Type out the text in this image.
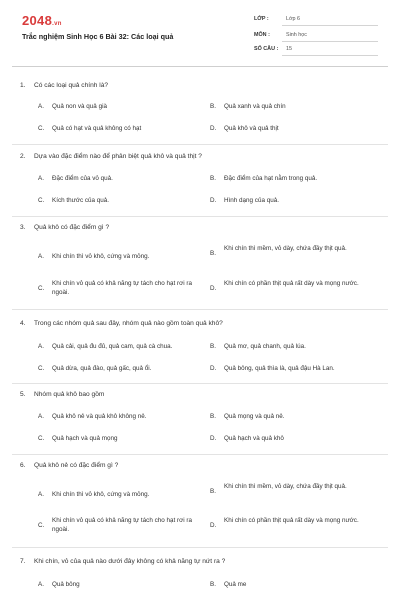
2048.vn
Trắc nghiệm Sinh Học 6 Bài 32: Các loại quả
LỚP :	Lớp 6
MÔN :	Sinh học
SỐ CÂU : 15
1. Có các loại quả chính là?
A. Quả non và quả già	B. Quả xanh và quả chín
C. Quả có hạt và quả không có hạt	D. Quả khô và quả thịt
2. Dựa vào đặc điểm nào để phân biệt quả khô và quả thịt ?
A. Đặc điểm của vỏ quả.	B. Đặc điểm của hạt nằm trong quả.
C. Kích thước của quả.	D. Hình dạng của quả.
3. Quả khô có đặc điểm gì ?
A. Khi chín thì vỏ khô, cứng và mỏng.	B.
Khi chín thì mềm, vỏ dày, chứa đầy thịt quả.
C.
Khi chín vỏ quả có khả năng tự tách cho hạt rơi ra ngoài.
D.
Khi chín có phần thịt quả rất dày và mọng nước.
4. Trong các nhóm quả sau đây, nhóm quả nào gồm toàn quả khô?
A. Quả cải, quả đu đủ, quả cam, quả cà chua.	B. Quả mơ, quả chanh, quả lúa.
C. Quả dừa, quả đào, quả gấc, quả ổi.	D. Quả bông, quả thìa là, quả đậu Hà Lan.
5. Nhóm quả khô bao gồm
A. Quả khô nẻ và quả khô không nẻ.	B. Quả mọng và quả nẻ.
C. Quả hạch và quả mọng	D. Quả hạch và quả khô
6. Quả khô nẻ có đặc điểm gì ?
A. Khi chín thì vỏ khô, cứng và mỏng.	B.
Khi chín thì mềm, vỏ dày, chứa đầy thịt quả.
C.
Khi chín vỏ quả có khả năng tự tách cho hạt rơi ra ngoài.
D.
Khi chín có phần thịt quả rất dày và mọng nước.
7. Khi chín, vỏ của quả nào dưới đây không có khả năng tự nứt ra ?
A. Quả bông	B. Quả me
